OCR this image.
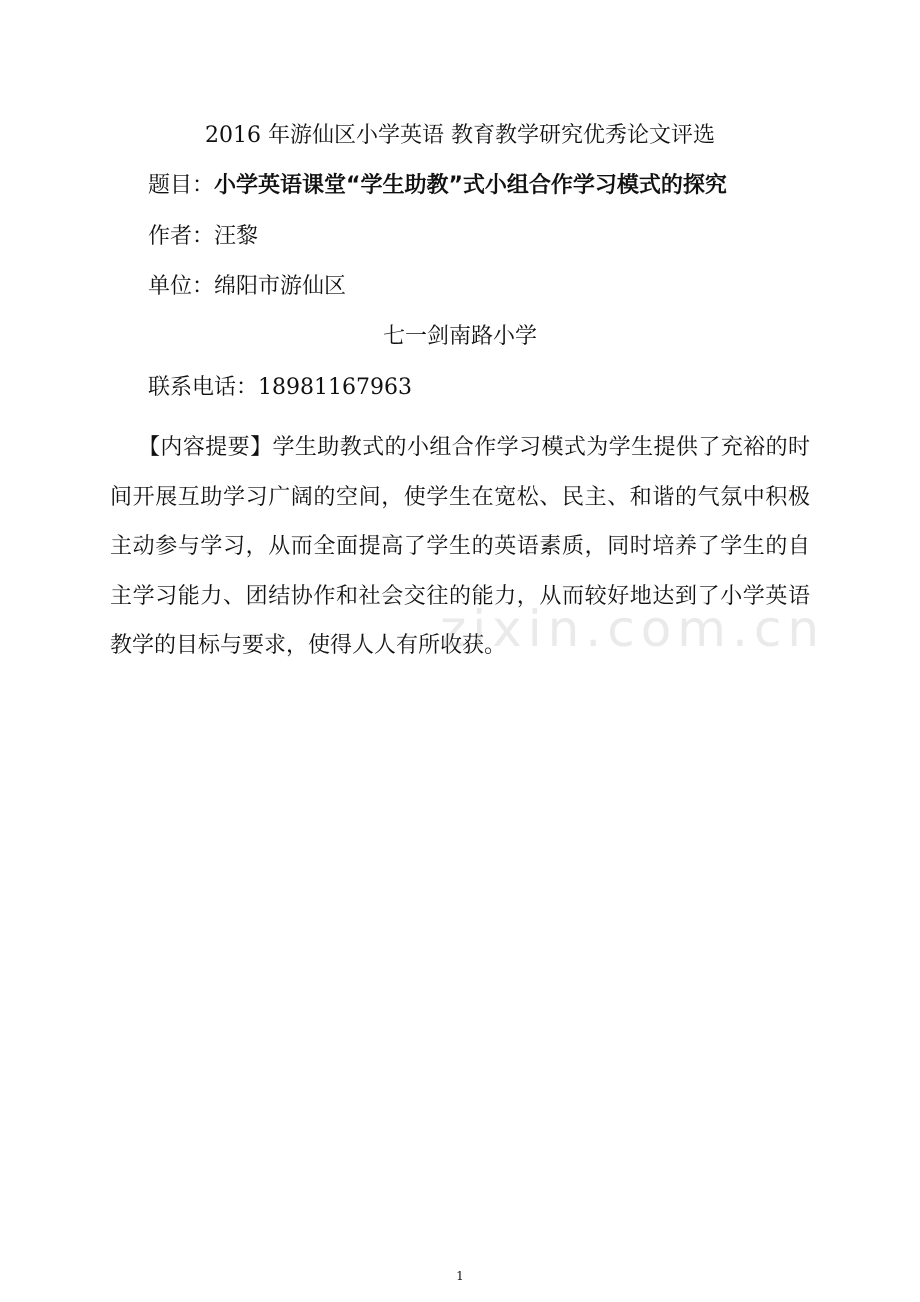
2016 年游仙区小学英语 教育教学研究优秀论文评选
题目：小学英语课堂“学生助教”式小组合作学习模式的探究
作者：汪黎
单位：绵阳市游仙区
七一剑南路小学
联系电话：18981167963
【内容提要】学生助教式的小组合作学习模式为学生提供了充裕的时间开展互助学习广阔的空间，使学生在宽松、民主、和谐的气氛中积极主动参与学习，从而全面提高了学生的英语素质，同时培养了学生的自主学习能力、团结协作和社会交往的能力，从而较好地达到了小学英语教学的目标与要求，使得人人有所收获。
zixin.com.cn
1
